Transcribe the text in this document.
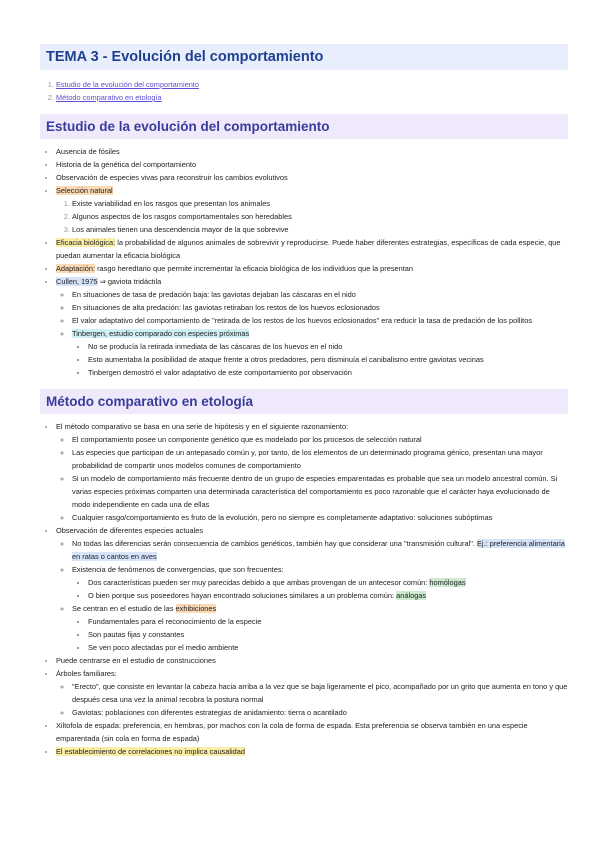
TEMA 3 - Evolución del comportamiento
1. Estudio de la evolución del comportamiento
2. Método comparativo en etología
Estudio de la evolución del comportamiento
• Ausencia de fósiles
• Historia de la genética del comportamiento
• Observación de especies vivas para reconstruir los cambios evolutivos
• Selección natural
1. Existe variabilidad en los rasgos que presentan los animales
2. Algunos aspectos de los rasgos comportamentales son heredables
3. Los animales tienen una descendencia mayor de la que sobrevive
• Eficacia biológica: la probabilidad de algunos animales de sobrevivir y reproducirse. Puede haber diferentes estrategias, específicas de cada especie, que puedan aumentar la eficacia biológica
• Adaptación: rasgo heredtario que permite incrementar la eficacia biológica de los individuos que la presentan
• Cullen, 1975 ⇒ gaviota tridáctila
◦ En situaciones de tasa de predación baja: las gaviotas dejaban las cáscaras en el nido
◦ En situaciones de alta predación: las gaviotas retiraban los restos de los huevos eclosionados
◦ El valor adaptativo del comportamiento de "retirada de los restos de los huevos eclosionados" era reducir la tasa de predación de los pollitos
◦ Tinbergen, estudio comparado con especies próximas
▪ No se producía la retirada inmediata de las cáscaras de los huevos en el nido
▪ Esto aumentaba la posibilidad de ataque frente a otros predadores, pero disminuía el canibalismo entre gaviotas vecinas
▪ Tinbergen demostró el valor adaptativo de este comportamiento por observación
Método comparativo en etología
• El método comparativo se basa en una serie de hipótesis y en el siguiente razonamiento:
◦ El comportamiento posee un componente genético que es modelado por los procesos de selección natural
◦ Las especies que participan de un antepasado común y, por tanto, de los elementos de un determinado programa génico, presentan una mayor probabilidad de compartir unos modelos comunes de comportamiento
◦ Si un modelo de comportamiento más frecuente dentro de un grupo de especies emparentadas es probable que sea un modelo ancestral común. Si varias especies próximas comparten una determinada característica del comportamiento es poco razonable que el carácter haya evolucionado de modo independiente en cada una de ellas
◦ Cualquier rasgo/comportamiento es fruto de la evolución, pero no siempre es completamente adaptativo: soluciones subóptimas
• Observación de diferentes especies actuales
◦ No todas las diferencias serán consecuencia de cambios genéticos, también hay que considerar una "transmisión cultural". Ej.: preferencia alimentaria en ratas o cantos en aves
◦ Existencia de fenómenos de convergencias, que son frecuentes:
▪ Dos características pueden ser muy parecidas debido a que ambas provengan de un antecesor común: homólogas
▪ O bien porque sus poseedores hayan encontrado soluciones similares a un problema común: análogas
◦ Se centran en el estudio de las exhibiciones
▪ Fundamentales para el reconocimiento de la especie
▪ Son pautas fijas y constantes
▪ Se ven poco afectadas por el medio ambiente
• Puede centrarse en el estudio de construcciones
• Árboles familiares:
◦ "Erecto", que consiste en levantar la cabeza hacia arriba a la vez que se baja ligeramente el pico, acompañado por un grito que aumenta en tono y que después cesa una vez la animal recobra la postura normal
◦ Gaviotas: poblaciones con diferentes estrategias de anidamiento: tierra o acantilado
• Xiltofola de espada: preferencia, en hembras, por machos con la cola de forma de espada. Esta preferencia se observa también en una especie emparentada (sin cola en forma de espada)
• El establecimiento de correlaciones no implica causalidad
